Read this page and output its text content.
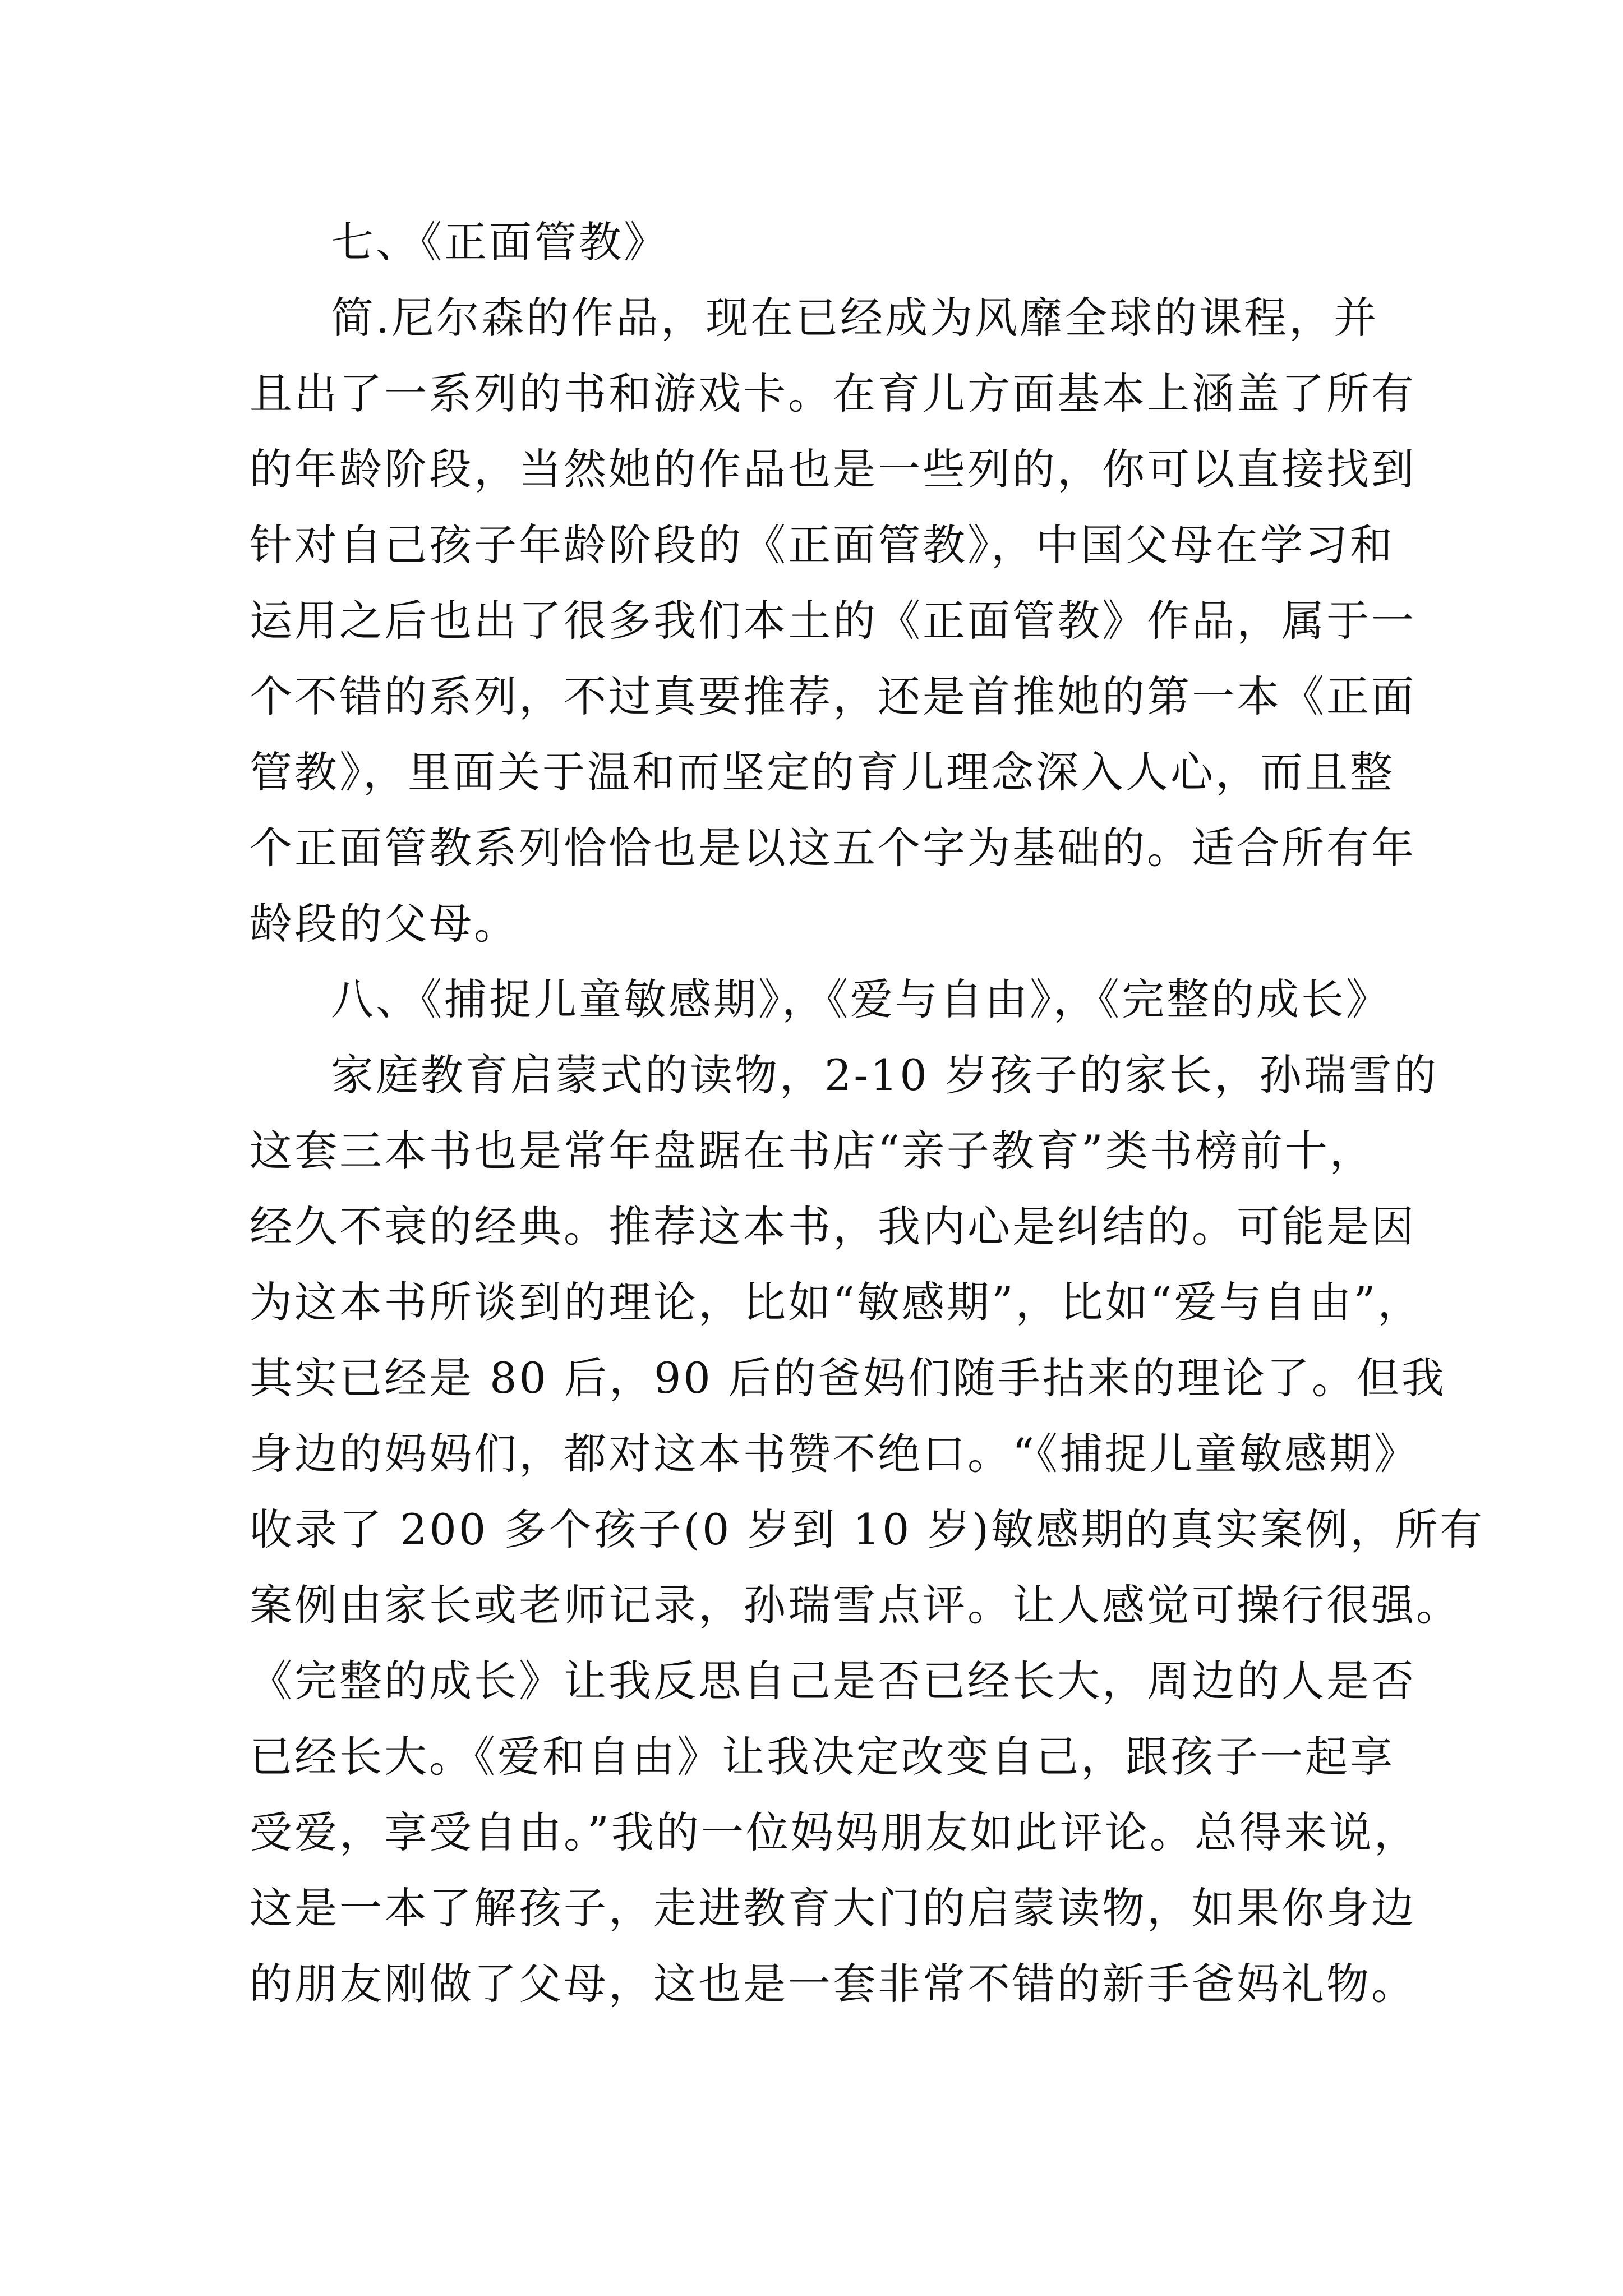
七、《正面管教》
简.尼尔森的作品，现在已经成为风靡全球的课程，并
且出了一系列的书和游戏卡。在育儿方面基本上涵盖了所有
的年龄阶段，当然她的作品也是一些列的，你可以直接找到
针对自己孩子年龄阶段的《正面管教》，中国父母在学习和
运用之后也出了很多我们本土的《正面管教》作品，属于一
个不错的系列，不过真要推荐，还是首推她的第一本《正面
管教》，里面关于温和而坚定的育儿理念深入人心，而且整
个正面管教系列恰恰也是以这五个字为基础的。适合所有年
龄段的父母。
八、《捕捉儿童敏感期》，《爱与自由》，《完整的成长》
家庭教育启蒙式的读物，2-10 岁孩子的家长，孙瑞雪的
这套三本书也是常年盘踞在书店“亲子教育”类书榜前十，
经久不衰的经典。推荐这本书，我内心是纠结的。可能是因
为这本书所谈到的理论，比如“敏感期”，比如“爱与自由”，
其实已经是 80 后，90 后的爸妈们随手拈来的理论了。但我
身边的妈妈们，都对这本书赞不绝口。“《捕捉儿童敏感期》
收录了 200 多个孩子(0 岁到 10 岁)敏感期的真实案例，所有
案例由家长或老师记录，孙瑞雪点评。让人感觉可操行很强。
《完整的成长》让我反思自己是否已经长大，周边的人是否
已经长大。《爱和自由》让我决定改变自己，跟孩子一起享
受爱，享受自由。”我的一位妈妈朋友如此评论。总得来说，
这是一本了解孩子，走进教育大门的启蒙读物，如果你身边
的朋友刚做了父母，这也是一套非常不错的新手爸妈礼物。
